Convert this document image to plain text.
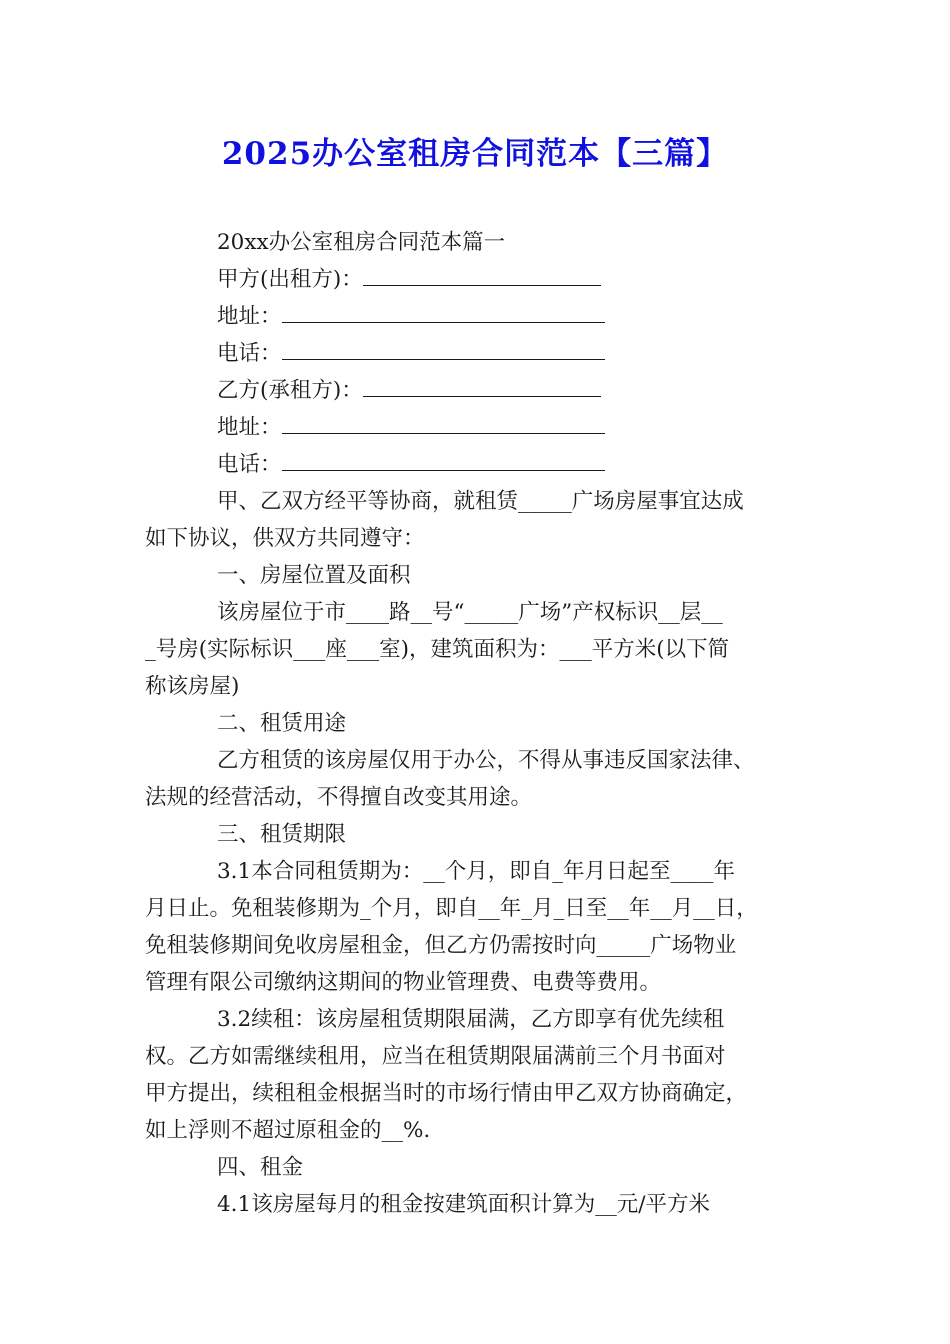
2025办公室租房合同范本【三篇】

20xx办公室租房合同范本篇一

甲方(出租方)：
地址：
电话：
乙方(承租方)：
地址：
电话：

甲、乙双方经平等协商，就租赁_____广场房屋事宜达成

如下协议，供双方共同遵守：

一、房屋位置及面积

该房屋位于市____路__号“_____广场”产权标识__层__

_号房(实际标识___座___室)，建筑面积为：___平方米(以下简

称该房屋)

二、租赁用途

乙方租赁的该房屋仅用于办公，不得从事违反国家法律、

法规的经营活动，不得擅自改变其用途。

三、租赁期限

3.1本合同租赁期为：__个月，即自_年月日起至____年

月日止。免租装修期为_个月，即自__年_月_日至__年__月__日，

免租装修期间免收房屋租金，但乙方仍需按时向_____广场物业

管理有限公司缴纳这期间的物业管理费、电费等费用。

3.2续租：该房屋租赁期限届满，乙方即享有优先续租

权。乙方如需继续租用，应当在租赁期限届满前三个月书面对

甲方提出，续租租金根据当时的市场行情由甲乙双方协商确定，

如上浮则不超过原租金的__%.

四、租金

4.1该房屋每月的租金按建筑面积计算为__元/平方米
